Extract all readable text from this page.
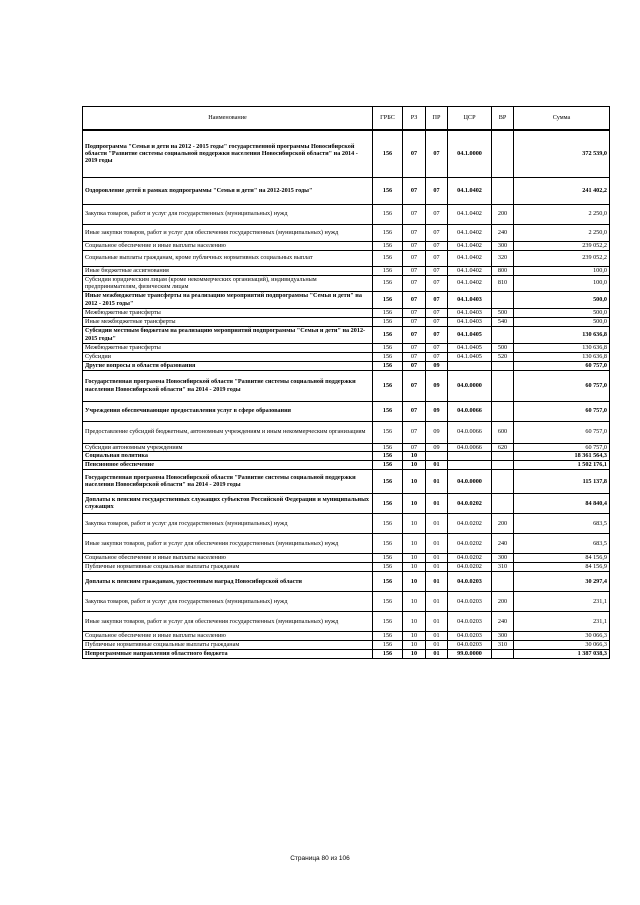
Наименование	ГРБС	РЗ	ПР	ЦСР	ВР	Сумма
Подпрограмма "Семья и дети на 2012 - 2015 годы" государственной программы Новосибирской области "Развитие системы социальной поддержки населения Новосибирской области" на 2014 - 2019 годы	156	07	07	04.1.0000		372 539,0
Оздоровление детей в рамках подпрограммы "Семья и дети" на 2012-2015 годы"	156	07	07	04.1.0402		241 402,2
Закупка товаров, работ и услуг для государственных (муниципальных) нужд	156	07	07	04.1.0402	200	2 250,0
Иные закупки товаров, работ и услуг для обеспечения государственных (муниципальных) нужд	156	07	07	04.1.0402	240	2 250,0
Социальное обеспечение и иные выплаты населению	156	07	07	04.1.0402	300	239 052,2
Социальные выплаты гражданам, кроме публичных нормативных социальных выплат	156	07	07	04.1.0402	320	239 052,2
Иные бюджетные ассигнования	156	07	07	04.1.0402	800	100,0
Субсидии юридическим лицам (кроме некоммерческих организаций), индивидуальным предпринимателям, физическим лицам	156	07	07	04.1.0402	810	100,0
Иные межбюджетные трансферты на реализацию мероприятий подпрограммы "Семья и дети" на 2012 - 2015 годы"	156	07	07	04.1.0403		500,0
Межбюджетные трансферты	156	07	07	04.1.0403	500	500,0
Иные межбюджетные трансферты	156	07	07	04.1.0403	540	500,0
Субсидии местным бюджетам на реализацию мероприятий подпрограммы "Семья и дети" на 2012-2015 годы"	156	07	07	04.1.0405		130 636,8
Межбюджетные трансферты	156	07	07	04.1.0405	500	130 636,8
Субсидии	156	07	07	04.1.0405	520	130 636,8
Другие вопросы в области образования	156	07	09			60 757,0
Государственная программа Новосибирской области "Развитие системы социальной поддержки населения Новосибирской области" на 2014 - 2019 годы	156	07	09	04.0.0000		60 757,0
Учреждения обеспечивающие предоставления услуг в сфере образования	156	07	09	04.0.0066		60 757,0
Предоставление субсидий бюджетным, автономным учреждениям и иным некоммерческим организациям	156	07	09	04.0.0066	600	60 757,0
Субсидии автономным учреждениям	156	07	09	04.0.0066	620	60 757,0
Социальная политика	156	10				18 361 564,3
Пенсионное обеспечение	156	10	01			1 502 176,1
Государственная программа Новосибирской области "Развитие системы социальной поддержки населения Новосибирской области" на 2014 - 2019 годы	156	10	01	04.0.0000		115 137,8
Доплаты к пенсиям государственных служащих субъектов Российской Федерации и муниципальных служащих	156	10	01	04.0.0202		84 840,4
Закупка товаров, работ и услуг для государственных (муниципальных) нужд	156	10	01	04.0.0202	200	683,5
Иные закупки товаров, работ и услуг для обеспечения государственных (муниципальных) нужд	156	10	01	04.0.0202	240	683,5
Социальное обеспечение и иные выплаты населению	156	10	01	04.0.0202	300	84 156,9
Публичные нормативные социальные выплаты гражданам	156	10	01	04.0.0202	310	84 156,9
Доплаты к пенсиям гражданам, удостоенным наград Новосибирской области	156	10	01	04.0.0203		30 297,4
Закупка товаров, работ и услуг для государственных (муниципальных) нужд	156	10	01	04.0.0203	200	231,1
Иные закупки товаров, работ и услуг для обеспечения государственных (муниципальных) нужд	156	10	01	04.0.0203	240	231,1
Социальное обеспечение и иные выплаты населению	156	10	01	04.0.0203	300	30 066,3
Публичные нормативные социальные выплаты гражданам	156	10	01	04.0.0203	310	30 066,3
Непрограммные направления областного бюджета	156	10	01	99.0.0000		1 387 038,3
Страница 80 из 106
